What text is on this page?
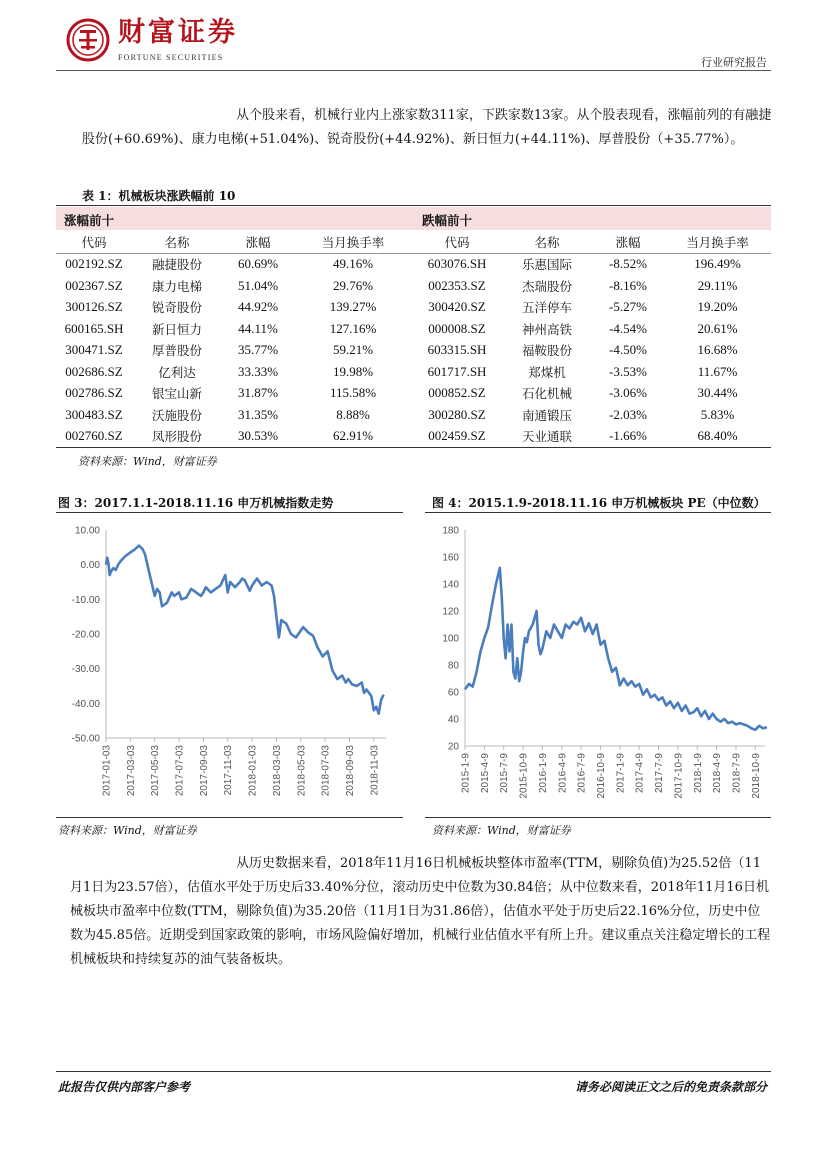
财富证券
FORTUNE SECURITIES	行业研究报告
从个股来看，机械行业内上涨家数311家，下跌家数13家。从个股表现看，涨幅前列的有融捷股份(+60.69%)、康力电梯(+51.04%)、锐奇股份(+44.92%)、新日恒力(+44.11%)、厚普股份（+35.77%）。
表 1：机械板块涨跌幅前 10
涨幅前十	跌幅前十
代码	名称	涨幅	当月换手率	代码	名称	涨幅	当月换手率
002192.SZ	融捷股份	60.69%	49.16%	603076.SH	乐惠国际	-8.52%	196.49%
002367.SZ	康力电梯	51.04%	29.76%	002353.SZ	杰瑞股份	-8.16%	29.11%
300126.SZ	锐奇股份	44.92%	139.27%	300420.SZ	五洋停车	-5.27%	19.20%
600165.SH	新日恒力	44.11%	127.16%	000008.SZ	神州高铁	-4.54%	20.61%
300471.SZ	厚普股份	35.77%	59.21%	603315.SH	福鞍股份	-4.50%	16.68%
002686.SZ	亿利达	33.33%	19.98%	601717.SH	郑煤机	-3.53%	11.67%
002786.SZ	银宝山新	31.87%	115.58%	000852.SZ	石化机械	-3.06%	30.44%
300483.SZ	沃施股份	31.35%	8.88%	300280.SZ	南通锻压	-2.03%	5.83%
002760.SZ	凤形股份	30.53%	62.91%	002459.SZ	天业通联	-1.66%	68.40%
资料来源：Wind，财富证券
图 3：2017.1.1-2018.11.16 申万机械指数走势	图 4：2015.1.9-2018.11.16 申万机械板块 PE（中位数）
10.00
0.00
-10.00
-20.00
-30.00
-40.00
-50.00
2017-01-03 2017-03-03 2017-05-03 2017-07-03 2017-09-03 2017-11-03 2018-01-03 2018-03-03 2018-05-03 2018-07-03 2018-09-03 2018-11-03
180
160
140
120
100
80
60
40
20
2015-1-9 2015-4-9 2015-7-9 2015-10-9 2016-1-9 2016-4-9 2016-7-9 2016-10-9 2017-1-9 2017-4-9 2017-7-9 2017-10-9 2018-1-9 2018-4-9 2018-7-9 2018-10-9
资料来源：Wind，财富证券	资料来源：Wind，财富证券
从历史数据来看，2018年11月16日机械板块整体市盈率(TTM，剔除负值)为25.52倍（11月1日为23.57倍），估值水平处于历史后33.40%分位，滚动历史中位数为30.84倍；从中位数来看，2018年11月16日机械板块市盈率中位数(TTM，剔除负值)为35.20倍（11月1日为31.86倍），估值水平处于历史后22.16%分位，历史中位数为45.85倍。近期受到国家政策的影响，市场风险偏好增加，机械行业估值水平有所上升。建议重点关注稳定增长的工程机械板块和持续复苏的油气装备板块。
此报告仅供内部客户参考	请务必阅读正文之后的免责条款部分
